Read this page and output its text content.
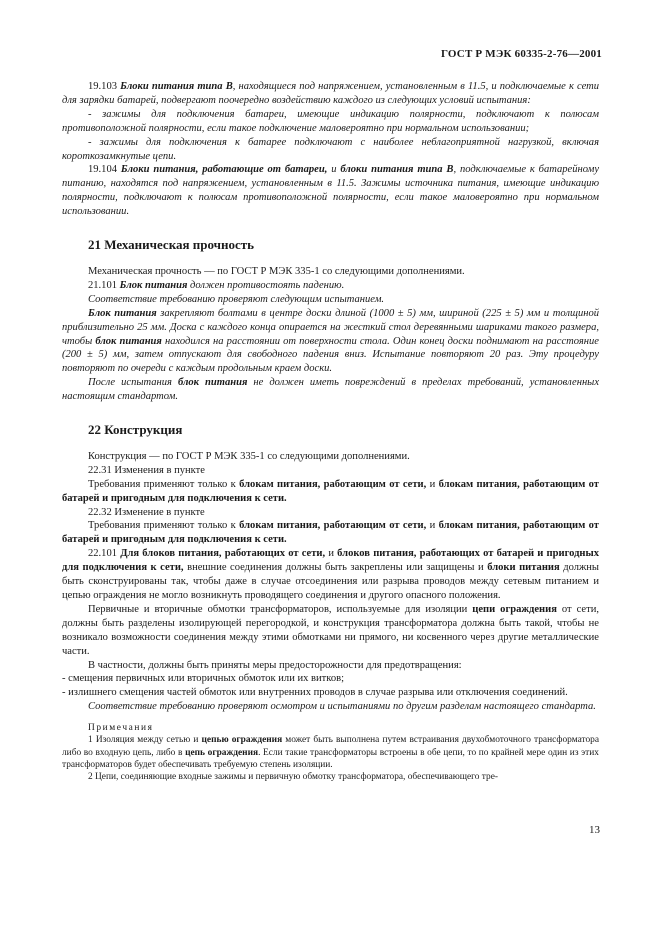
ГОСТ Р МЭК 60335-2-76—2001

19.103 Блоки питания типа В, находящиеся под напряжением, установленным в 11.5, и подключаемые к сети для зарядки батарей, подвергают поочередно воздействию каждого из следующих условий испытания:

- зажимы для подключения батареи, имеющие индикацию полярности, подключают к полюсам противоположной полярности, если такое подключение маловероятно при нормальном использовании;

- зажимы для подключения к батарее подключают с наиболее неблагоприятной нагрузкой, включая короткозамкнутые цепи.

19.104 Блоки питания, работающие от батареи, и блоки питания типа В, подключаемые к батарейному питанию, находятся под напряжением, установленным в 11.5. Зажимы источника питания, имеющие индикацию полярности, подключают к полюсам противоположной полярности, если такое маловероятно при нормальном использовании.

21 Механическая прочность

Механическая прочность — по ГОСТ Р МЭК 335-1 со следующими дополнениями.

21.101 Блок питания должен противостоять падению.

Соответствие требованию проверяют следующим испытанием.

Блок питания закрепляют болтами в центре доски длиной (1000 ± 5) мм, шириной (225 ± 5) мм и толщиной приблизительно 25 мм. Доска с каждого конца опирается на жесткий стол деревянными шариками такого размера, чтобы блок питания находился на расстоянии от поверхности стола. Один конец доски поднимают на расстояние (200 ± 5) мм, затем отпускают для свободного падения вниз. Испытание повторяют 20 раз. Эту процедуру повторяют по очереди с каждым продольным краем доски.

После испытания блок питания не должен иметь повреждений в пределах требований, установленных настоящим стандартом.

22 Конструкция

Конструкция — по ГОСТ Р МЭК 335-1 со следующими дополнениями.

22.31 Изменения в пункте

Требования применяют только к блокам питания, работающим от сети, и блокам питания, работающим от батарей и пригодным для подключения к сети.

22.32 Изменение в пункте

Требования применяют только к блокам питания, работающим от сети, и блокам питания, работающим от батарей и пригодным для подключения к сети.

22.101 Для блоков питания, работающих от сети, и блоков питания, работающих от батарей и пригодных для подключения к сети, внешние соединения должны быть закреплены или защищены и блоки питания должны быть сконструированы так, чтобы даже в случае отсоединения или разрыва проводов между сетевым питанием и цепью ограждения не могло возникнуть проводящего соединения и другого опасного положения.

Первичные и вторичные обмотки трансформаторов, используемые для изоляции цепи ограждения от сети, должны быть разделены изолирующей перегородкой, и конструкция трансформатора должна быть такой, чтобы не возникало возможности соединения между этими обмотками ни прямого, ни косвенного через другие металлические части.

В частности, должны быть приняты меры предосторожности для предотвращения:

- смещения первичных или вторичных обмоток или их витков;

- излишнего смещения частей обмоток или внутренних проводов в случае разрыва или отключения соединений.

Соответствие требованию проверяют осмотром и испытаниями по другим разделам настоящего стандарта.

Примечания

1 Изоляция между сетью и цепью ограждения может быть выполнена путем встраивания двухобмоточного трансформатора либо во входную цепь, либо в цепь ограждения. Если такие трансформаторы встроены в обе цепи, то по крайней мере один из этих трансформаторов будет обеспечивать требуемую степень изоляции.

2 Цепи, соединяющие входные зажимы и первичную обмотку трансформатора, обеспечивающего тре-

13
